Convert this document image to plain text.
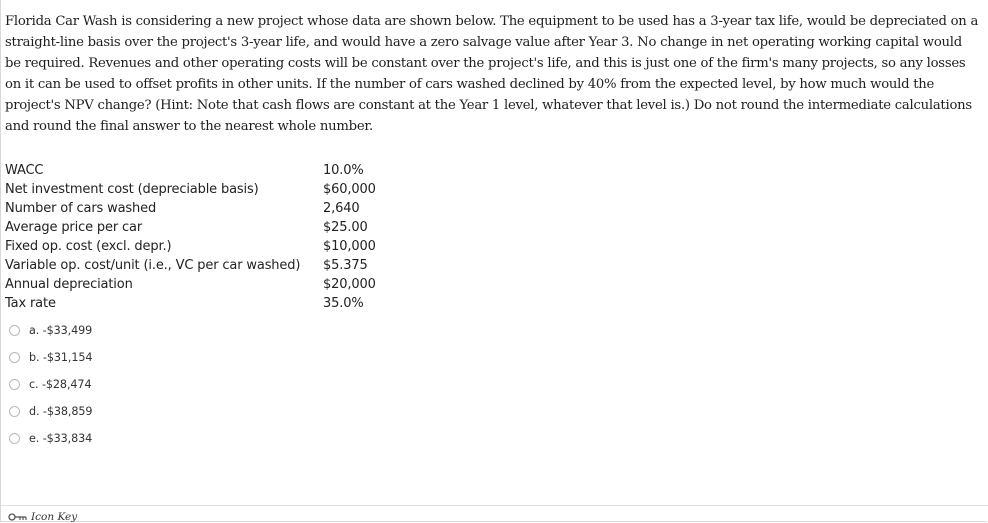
Florida Car Wash is considering a new project whose data are shown below. The equipment to be used has a 3-year tax life, would be depreciated on a straight-line basis over the project's 3-year life, and would have a zero salvage value after Year 3. No change in net operating working capital would be required. Revenues and other operating costs will be constant over the project's life, and this is just one of the firm's many projects, so any losses on it can be used to offset profits in other units. If the number of cars washed declined by 40% from the expected level, by how much would the project's NPV change? (Hint: Note that cash flows are constant at the Year 1 level, whatever that level is.) Do not round the intermediate calculations and round the final answer to the nearest whole number.

WACC	10.0%
Net investment cost (depreciable basis)	$60,000
Number of cars washed	2,640
Average price per car	$25.00
Fixed op. cost (excl. depr.)	$10,000
Variable op. cost/unit (i.e., VC per car washed) $5.375
Annual depreciation	$20,000
Tax rate	35.0%
a. -$33,499
b. -$31,154
c. -$28,474
d. -$38,859
e. -$33,834
Icon Key
